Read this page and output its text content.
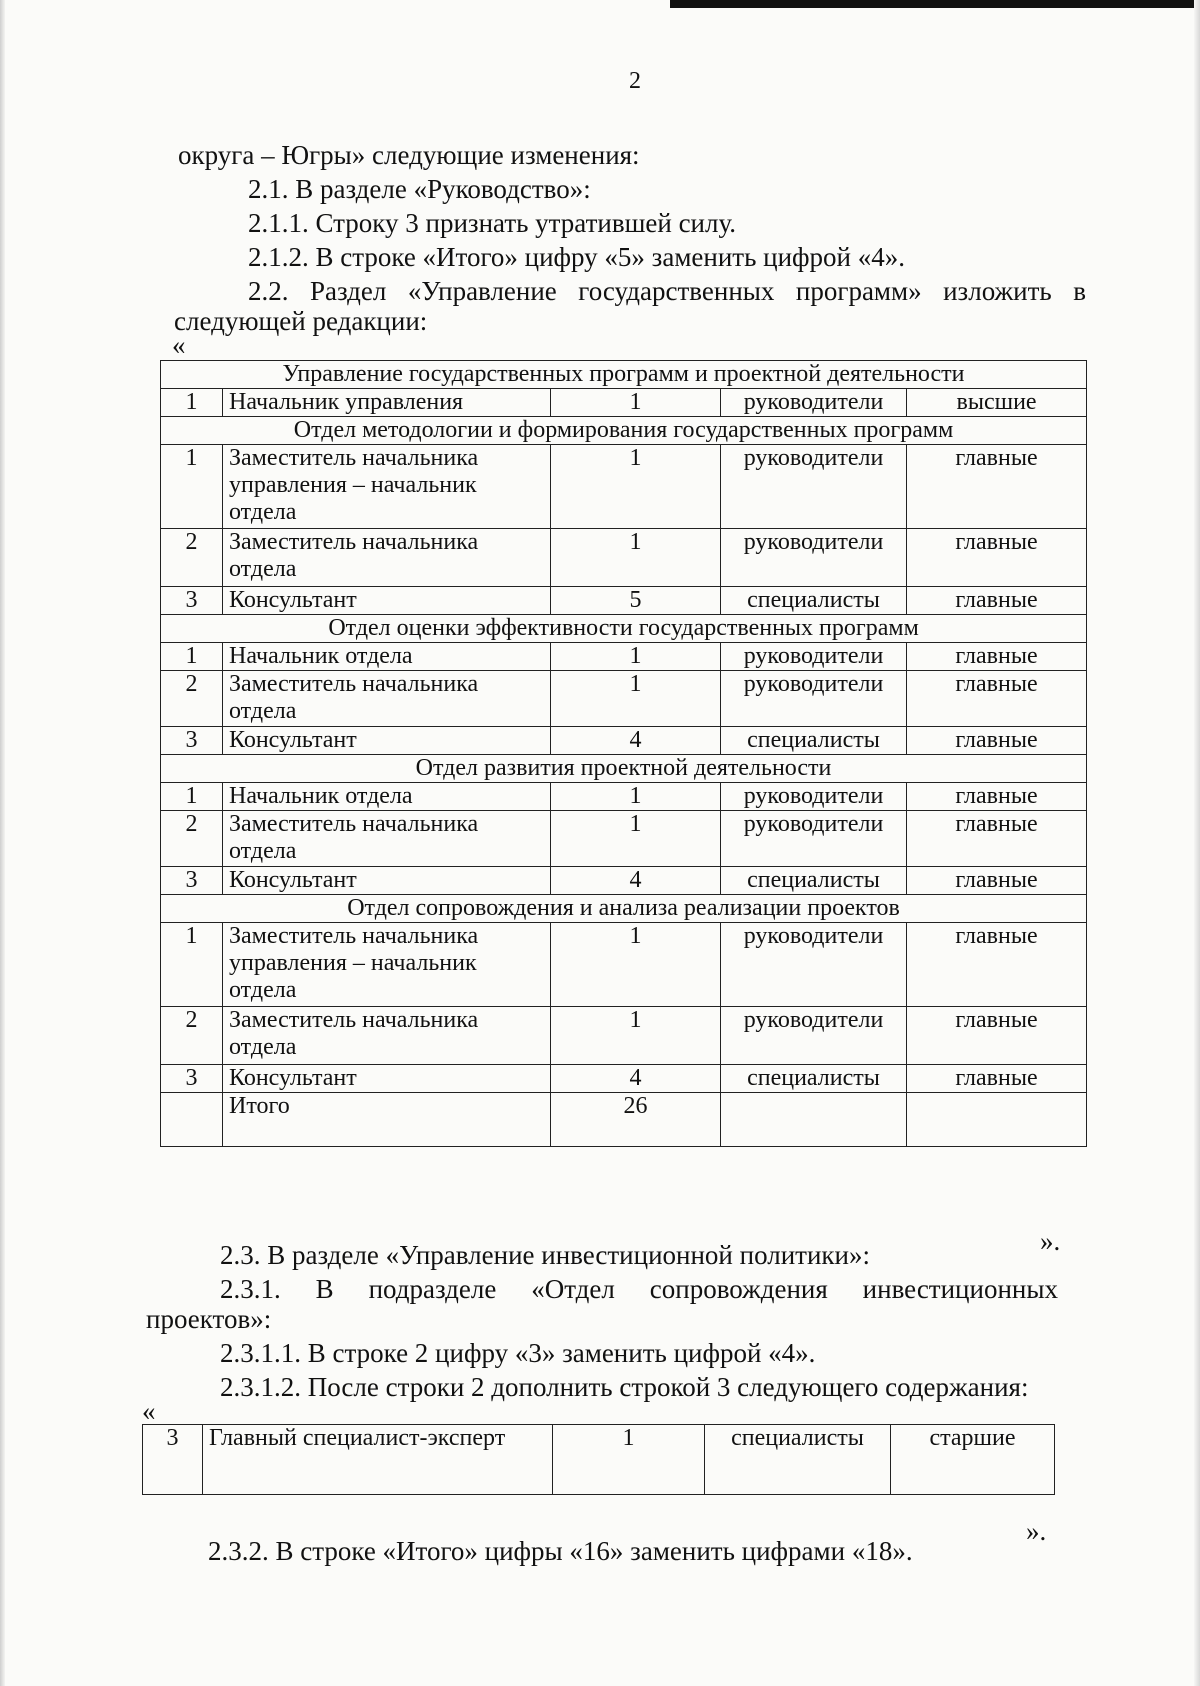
2
округа – Югры» следующие изменения:
2.1. В разделе «Руководство»:
2.1.1. Строку 3 признать утратившей силу.
2.1.2. В строке «Итого» цифру «5» заменить цифрой «4».
2.2. Раздел «Управление государственных программ» изложить в
следующей редакции:
«
Управление государственных программ и проектной деятельности				
1	Начальник управления	1	руководители	высшие
Отдел методологии и формирования государственных программ				
1	Заместитель начальника управления – начальник отдела	1	руководители	главные
2	Заместитель начальника отдела	1	руководители	главные
3	Консультант	5	специалисты	главные
Отдел оценки эффективности государственных программ				
1	Начальник отдела	1	руководители	главные
2	Заместитель начальника отдела	1	руководители	главные
3	Консультант	4	специалисты	главные
Отдел развития проектной деятельности				
1	Начальник отдела	1	руководители	главные
2	Заместитель начальника отдела	1	руководители	главные
3	Консультант	4	специалисты	главные
Отдел сопровождения и анализа реализации проектов				
1	Заместитель начальника управления – начальник отдела	1	руководители	главные
2	Заместитель начальника отдела	1	руководители	главные
3	Консультант	4	специалисты	главные
	Итого	26		
».
2.3. В разделе «Управление инвестиционной политики»:
2.3.1. В подразделе «Отдел сопровождения инвестиционных
проектов»:
2.3.1.1. В строке 2 цифру «3» заменить цифрой «4».
2.3.1.2. После строки 2 дополнить строкой 3 следующего содержания:
«
3	Главный специалист-эксперт	1	специалисты	старшие
».
2.3.2. В строке «Итого» цифры «16» заменить цифрами «18».
